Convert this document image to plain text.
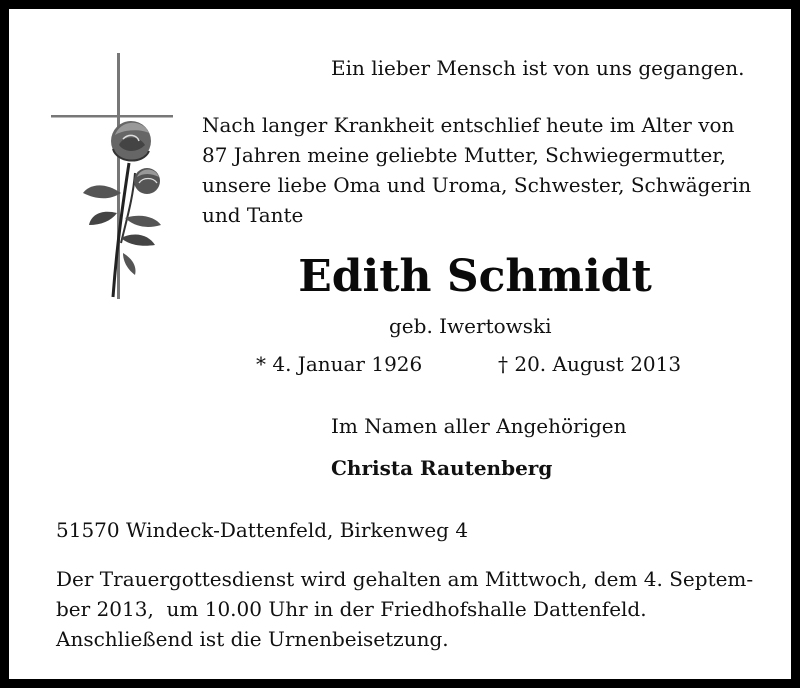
Ein lieber Mensch ist von uns gegangen.
Nach langer Krankheit entschlief heute im Alter von
87 Jahren meine geliebte Mutter, Schwiegermutter,
unsere liebe Oma und Uroma, Schwester, Schwägerin
und Tante
Edith Schmidt
geb. Iwertowski
* 4. Januar 1926	† 20. August 2013
Im Namen aller Angehörigen
Christa Rautenberg
51570 Windeck-Dattenfeld, Birkenweg 4
Der Trauergottesdienst wird gehalten am Mittwoch, dem 4. Septem-
ber 2013,  um 10.00 Uhr in der Friedhofshalle Dattenfeld.
Anschließend ist die Urnenbeisetzung.
